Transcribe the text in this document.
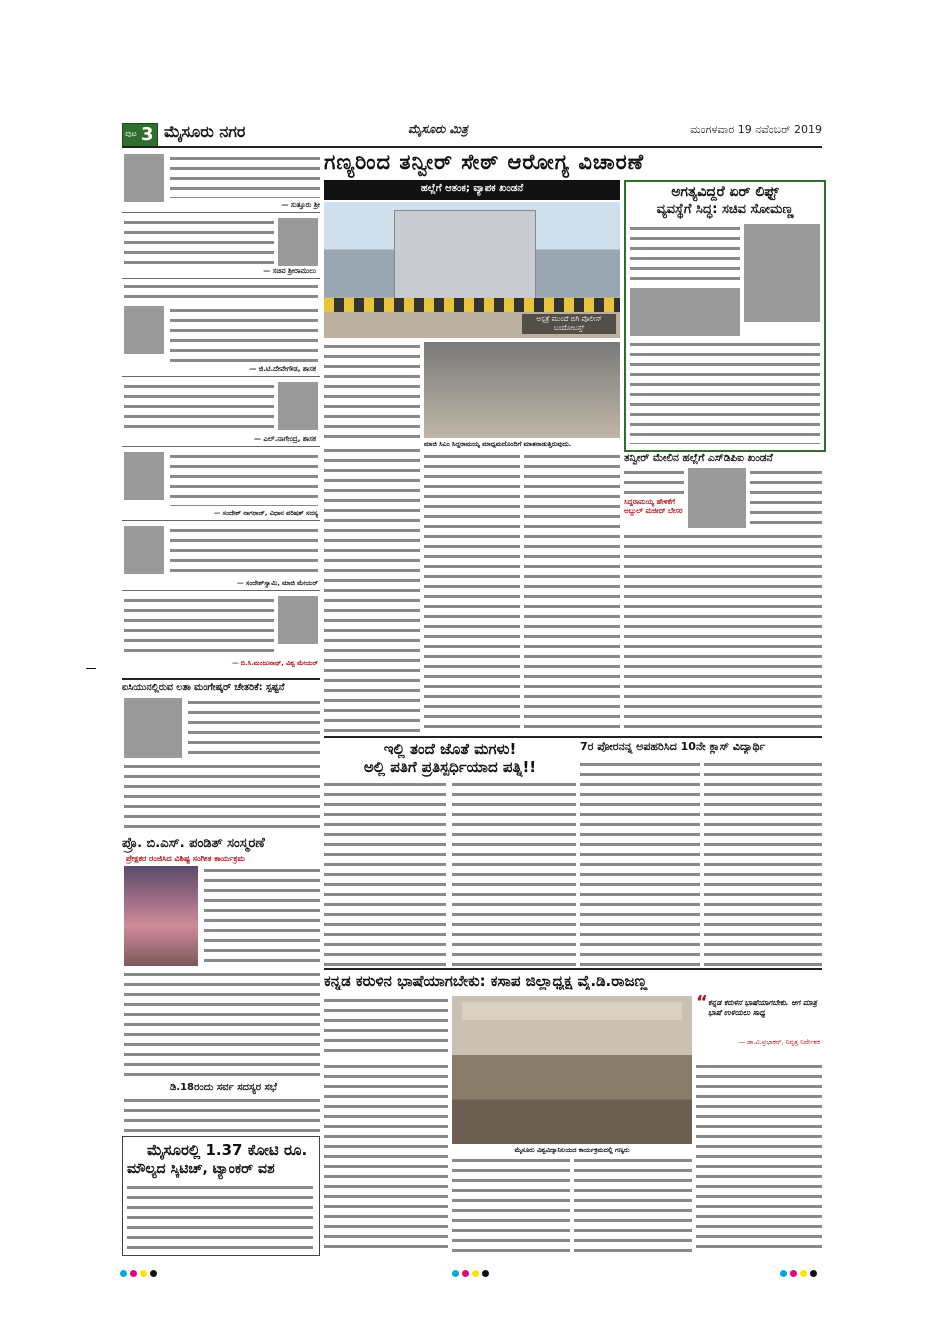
ಪುಟ 3 ಮೈಸೂರು ನಗರ	ಮೈಸೂರು ಮಿತ್ರ	ಮಂಗಳವಾರ 19 ನವೆಂಬರ್ 2019
ಗಣ್ಯರಿಂದ ತನ್ವೀರ್ ಸೇಠ್ ಆರೋಗ್ಯ ವಿಚಾರಣೆ
— ಸುತ್ತೂರು ಶ್ರೀ
— ಸಚಿವ ಶ್ರೀರಾಮುಲು
— ಜಿ.ಟಿ.ದೇವೇಗೌಡ, ಶಾಸಕ
— ಎಲ್.ನಾಗೇಂದ್ರ, ಶಾಸಕ
— ಸಂದೇಶ್ ನಾಗರಾಜ್, ವಿಧಾನ ಪರಿಷತ್ ಸದಸ್ಯ
— ಸಂದೇಶ್‌ಸ್ವಾಮಿ, ಮಾಜಿ ಮೇಯರ್
— ಬಿ.ಸಿ.ಮಂಜುನಾಥ್, ವಿಶ್ವ ಮೇಯರ್
ಐಸಿಯುನಲ್ಲಿರುವ ಲತಾ ಮಂಗೇಷ್ಕರ್ ಚೇತರಿಕೆ: ಸ್ಪಷ್ಟನೆ
ಪ್ರೊ. ಬಿ.ಎಸ್. ಪಂಡಿತ್ ಸಂಸ್ಮರಣೆ
ಪ್ರೇಕ್ಷಕರ ರಂಜಿಸಿದ ವಿಶಿಷ್ಟ ಸಂಗೀತ ಕಾರ್ಯಕ್ರಮ
ಡಿ.18ರಂದು ಸರ್ವ ಸದಸ್ಯರ ಸಭೆ
ಮೈಸೂರಲ್ಲಿ 1.37 ಕೋಟಿ ರೂ.
ಮೌಲ್ಯದ ಸ್ಕಿಟಿಚ್, ಟ್ಯಾಂಕರ್ ವಶ
ಹಲ್ಲೆಗೆ ಆತಂಕ; ವ್ಯಾಪಕ ಖಂಡನೆ
ಆಸ್ಪತ್ರೆ ಮುಂದೆ ಬಿಗಿ ಪೊಲೀಸ್ ಬಂದೋಬಸ್ತ್
ಅಗತ್ಯವಿದ್ದರೆ ಏರ್ ಲಿಫ್ಟ್
ವ್ಯವಸ್ಥೆಗೆ ಸಿದ್ಧ: ಸಚಿವ ಸೋಮಣ್ಣ
ಮಾಜಿ ಸಿಎಂ ಸಿದ್ದರಾಮಯ್ಯ ಮಾಧ್ಯಮದೊಂದಿಗೆ ಮಾತನಾಡುತ್ತಿರುವುದು.
ತನ್ವೀರ್ ಮೇಲಿನ ಹಲ್ಲೆಗೆ ಎಸ್‌ಡಿಪಿಐ ಖಂಡನೆ
ಸಿದ್ದರಾಮಯ್ಯ ಹೇಳಿಕೆಗೆ ಅಬ್ದುಲ್ ಮಜೀದ್ ಬೇಸರ
ಇಲ್ಲಿ ತಂದೆ ಜೊತೆ ಮಗಳು!
ಅಲ್ಲಿ ಪತಿಗೆ ಪ್ರತಿಸ್ಪರ್ಧಿಯಾದ ಪತ್ನಿ!!
7ರ ಪೋರನನ್ನ ಅಪಹರಿಸಿದ 10ನೇ ಕ್ಲಾಸ್ ವಿದ್ಯಾರ್ಥಿ
ಕನ್ನಡ ಕರುಳಿನ ಭಾಷೆಯಾಗಬೇಕು: ಕಸಾಪ ಜಿಲ್ಲಾಧ್ಯಕ್ಷ ವೈ.ಡಿ.ರಾಜಣ್ಣ
ಮೈಸೂರು ವಿಶ್ವವಿದ್ಯಾನಿಲಯದ ಕಾರ್ಯಕ್ರಮದಲ್ಲಿ ಗಣ್ಯರು
“ ಕನ್ನಡ ಕರುಳಿನ ಭಾಷೆಯಾಗಬೇಕು. ಆಗ ಮಾತ್ರ ಭಾಷೆ ಉಳಿಯಲು ಸಾಧ್ಯ
— ಡಾ.ವಿ.ಪ್ರಭಾಕರ್, ನಿವೃತ್ತ ನಿರ್ದೇಶಕ
